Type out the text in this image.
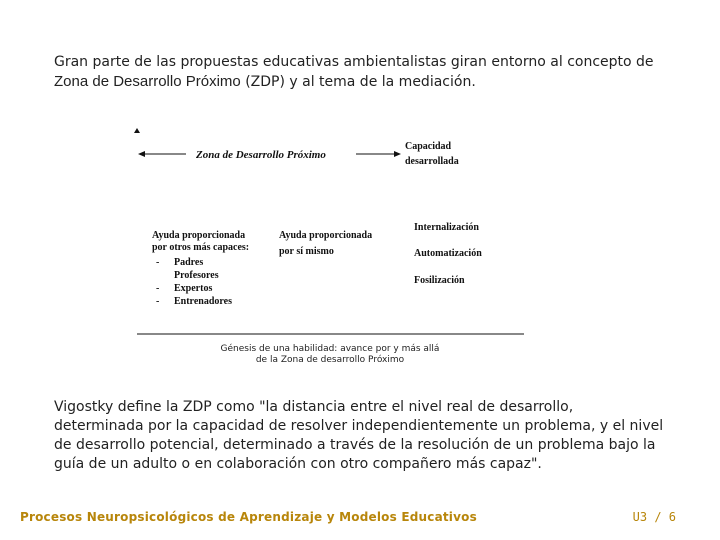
Gran parte de las propuestas educativas ambientalistas giran entorno al concepto de Zona de Desarrollo Próximo (ZDP) y al tema de la mediación.

Zona de Desarrollo Próximo
Capacidad
desarrollada
Ayuda proporcionada
por otros más capaces:
- Padres
Profesores
- Expertos
- Entrenadores
Ayuda proporcionada
por sí mismo
Internalización
Automatización
Fosilización
Génesis de una habilidad: avance por y más allá
de la Zona de desarrollo Próximo

Vigostky define la ZDP como "la distancia entre el nivel real de desarrollo, determinada por la capacidad de resolver independientemente un problema, y el nivel de desarrollo potencial, determinado a través de la resolución de un problema bajo la guía de un adulto o en colaboración con otro compañero más capaz".

Procesos Neuropsicológicos de Aprendizaje y Modelos Educativos	U3 / 6
